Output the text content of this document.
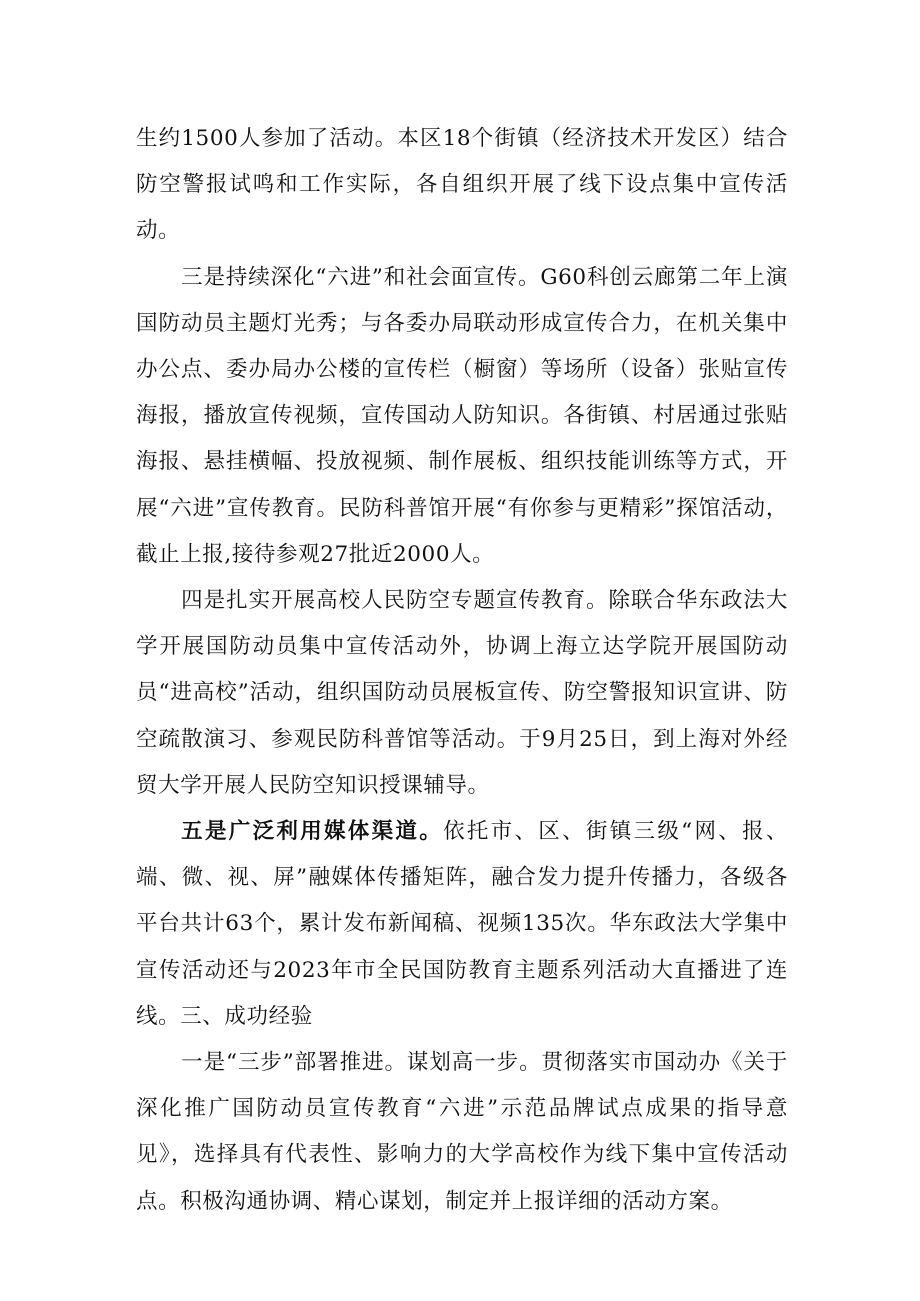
生约1500人参加了活动。本区18个街镇（经济技术开发区）结合防空警报试鸣和工作实际，各自组织开展了线下设点集中宣传活动。

三是持续深化“六进”和社会面宣传。G60科创云廊第二年上演国防动员主题灯光秀；与各委办局联动形成宣传合力，在机关集中办公点、委办局办公楼的宣传栏（橱窗）等场所（设备）张贴宣传海报，播放宣传视频，宣传国动人防知识。各街镇、村居通过张贴海报、悬挂横幅、投放视频、制作展板、组织技能训练等方式，开展“六进”宣传教育。民防科普馆开展“有你参与更精彩”探馆活动，截止上报,接待参观27批近2000人。

四是扎实开展高校人民防空专题宣传教育。除联合华东政法大学开展国防动员集中宣传活动外，协调上海立达学院开展国防动员“进高校”活动，组织国防动员展板宣传、防空警报知识宣讲、防空疏散演习、参观民防科普馆等活动。于9月25日，到上海对外经贸大学开展人民防空知识授课辅导。

五是广泛利用媒体渠道。依托市、区、街镇三级“网、报、端、微、视、屏”融媒体传播矩阵，融合发力提升传播力，各级各平台共计63个，累计发布新闻稿、视频135次。华东政法大学集中宣传活动还与2023年市全民国防教育主题系列活动大直播进了连线。三、成功经验

一是“三步”部署推进。谋划高一步。贯彻落实市国动办《关于深化推广国防动员宣传教育“六进”示范品牌试点成果的指导意见》，选择具有代表性、影响力的大学高校作为线下集中宣传活动点。积极沟通协调、精心谋划，制定并上报详细的活动方案。
